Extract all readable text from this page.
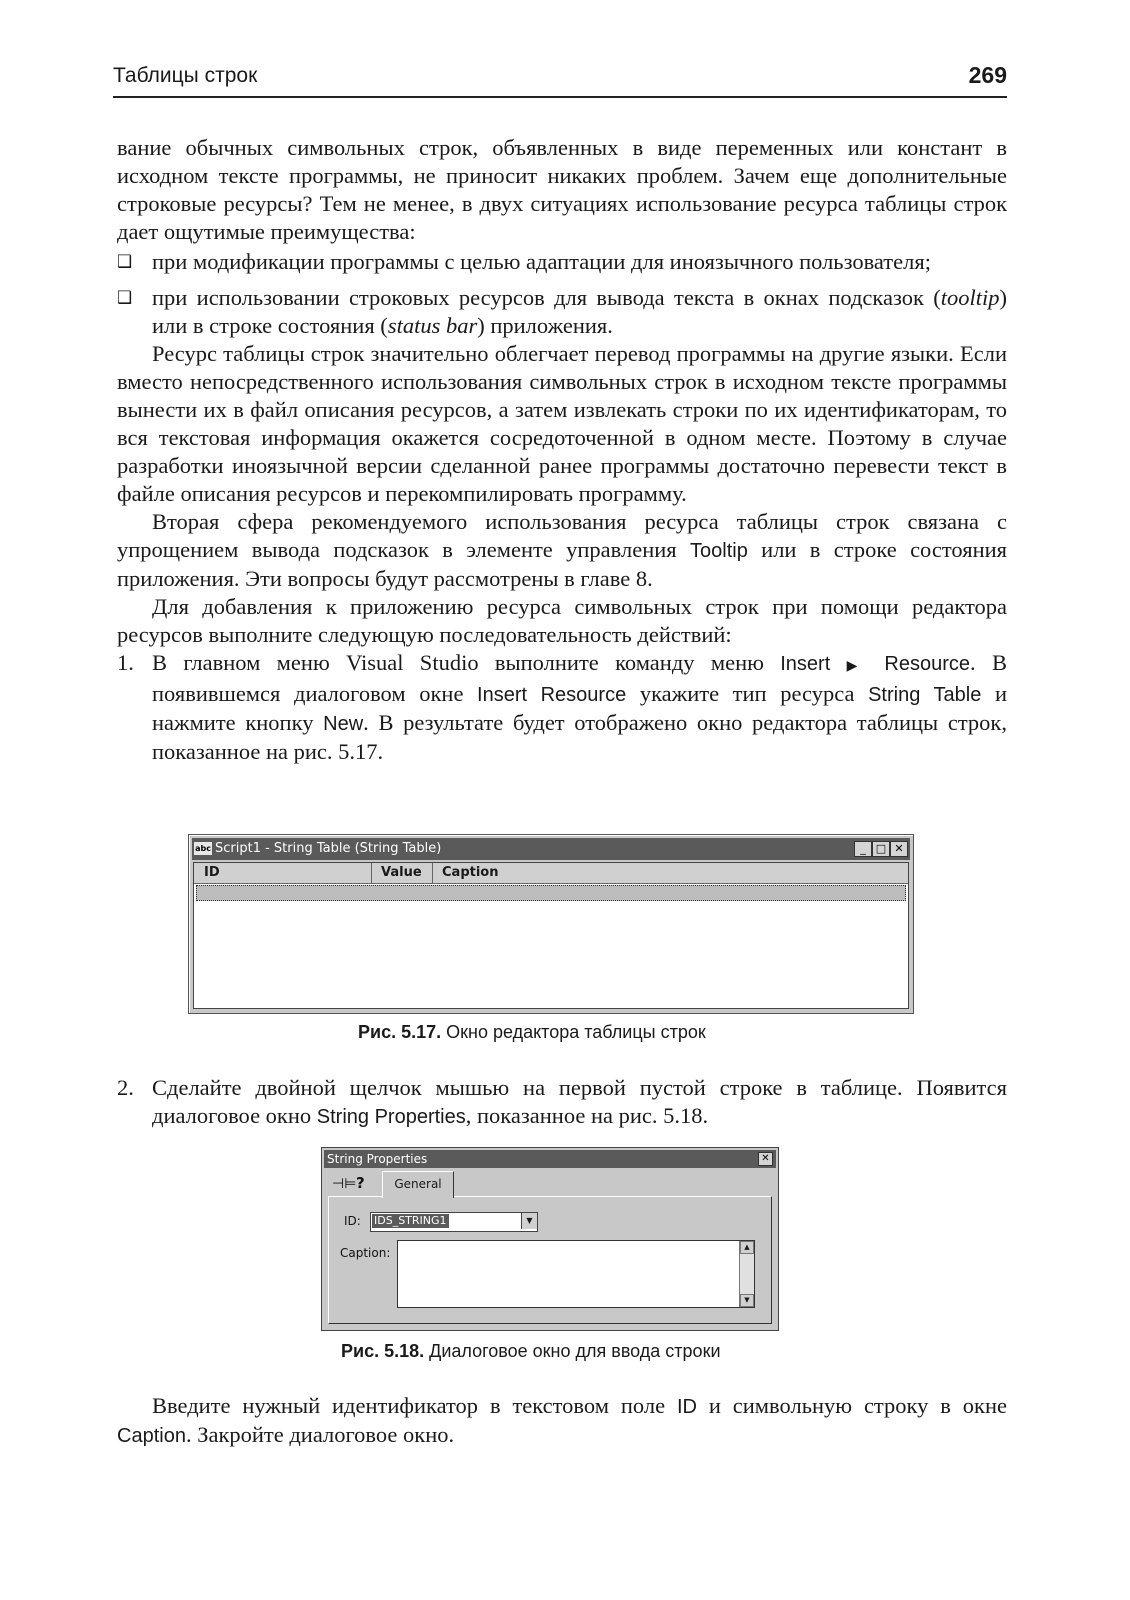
Таблицы строк	269

вание обычных символьных строк, объявленных в виде переменных или констант в исходном тексте программы, не приносит никаких проблем. Зачем еще дополнительные строковые ресурсы? Тем не менее, в двух ситуациях использование ресурса таблицы строк дает ощутимые преимущества:

❑ при модификации программы с целью адаптации для иноязычного пользователя;

❑ при использовании строковых ресурсов для вывода текста в окнах подсказок (tooltip) или в строке состояния (status bar) приложения.

Ресурс таблицы строк значительно облегчает перевод программы на другие языки. Если вместо непосредственного использования символьных строк в исходном тексте программы вынести их в файл описания ресурсов, а затем извлекать строки по их идентификаторам, то вся текстовая информация окажется сосредоточенной в одном месте. Поэтому в случае разработки иноязычной версии сделанной ранее программы достаточно перевести текст в файле описания ресурсов и перекомпилировать программу.

Вторая сфера рекомендуемого использования ресурса таблицы строк связана с упрощением вывода подсказок в элементе управления Tooltip или в строке состояния приложения. Эти вопросы будут рассмотрены в главе 8.

Для добавления к приложению ресурса символьных строк при помощи редактора ресурсов выполните следующую последовательность действий:

1. В главном меню Visual Studio выполните команду меню Insert ▶ Resource. В появившемся диалоговом окне Insert Resource укажите тип ресурса String Table и нажмите кнопку New. В результате будет отображено окно редактора таблицы строк, показанное на рис. 5.17.

abc Script1 - String Table (String Table)	_ □ ✕
ID	Value Caption
Рис. 5.17. Окно редактора таблицы строк

2. Сделайте двойной щелчок мышью на первой пустой строке в таблице. Появится диалоговое окно String Properties, показанное на рис. 5.18.

String Properties	✕
⊣⊨ ?	General
ID: IDS_STRING1	▼
Caption:	▲
▼
Рис. 5.18. Диалоговое окно для ввода строки

Введите нужный идентификатор в текстовом поле ID и символьную строку в окне Caption. Закройте диалоговое окно.
